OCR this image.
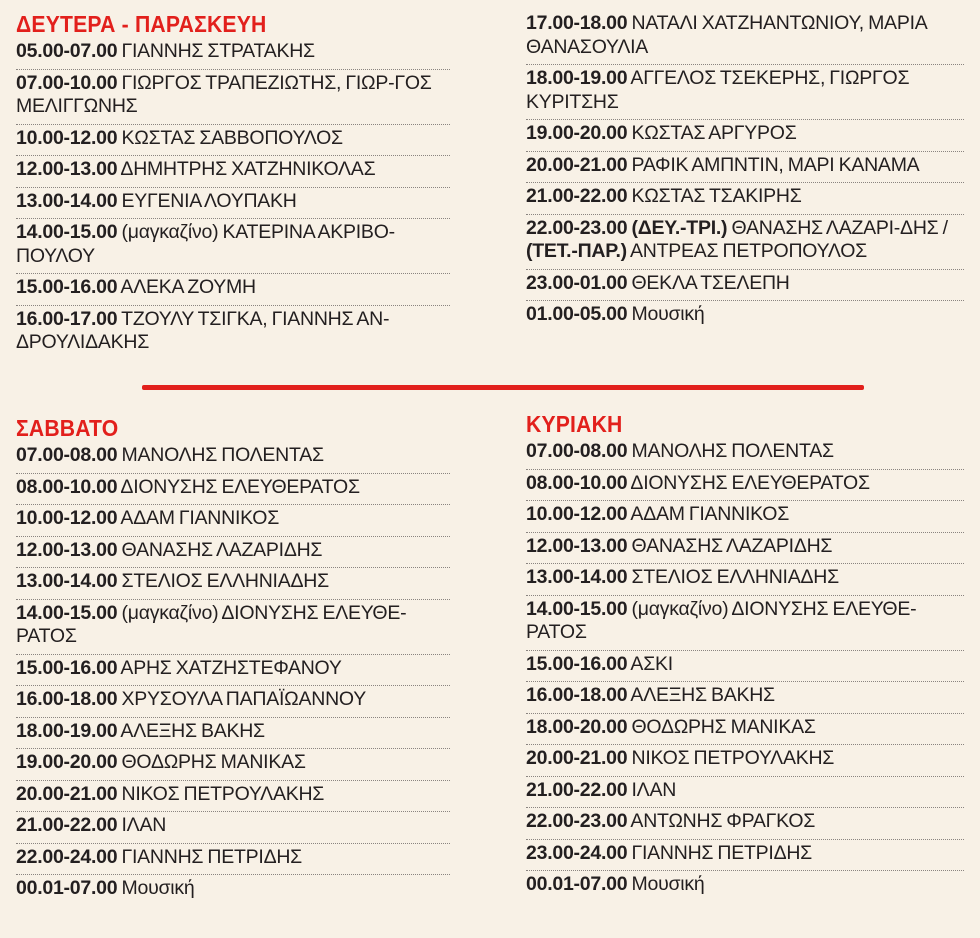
ΔΕΥΤΕΡΑ - ΠΑΡΑΣΚΕΥΗ
05.00-07.00 ΓΙΑΝΝΗΣ ΣΤΡΑΤΑΚΗΣ
07.00-10.00 ΓΙΩΡΓΟΣ ΤΡΑΠΕΖΙΩΤΗΣ, ΓΙΩΡ-ΓΟΣ ΜΕΛΙΓΓΩΝΗΣ
10.00-12.00 ΚΩΣΤΑΣ ΣΑΒΒΟΠΟΥΛΟΣ
12.00-13.00 ΔΗΜΗΤΡΗΣ ΧΑΤΖΗΝΙΚΟΛΑΣ
13.00-14.00 ΕΥΓΕΝΙΑ ΛΟΥΠΑΚΗ
14.00-15.00 (μαγκαζίνο) ΚΑΤΕΡΙΝΑ ΑΚΡΙΒΟ-ΠΟΥΛΟΥ
15.00-16.00 ΑΛΕΚΑ ΖΟΥΜΗ
16.00-17.00 ΤΖΟΥΛΥ ΤΣΙΓΚΑ, ΓΙΑΝΝΗΣ ΑΝ-ΔΡΟΥΛΙΔΑΚΗΣ
17.00-18.00 ΝΑΤΑΛΙ ΧΑΤΖΗΑΝΤΩΝΙΟΥ, ΜΑΡΙΑ ΘΑΝΑΣΟΥΛΙΑ
18.00-19.00 ΑΓΓΕΛΟΣ ΤΣΕΚΕΡΗΣ, ΓΙΩΡΓΟΣ ΚΥΡΙΤΣΗΣ
19.00-20.00 ΚΩΣΤΑΣ ΑΡΓΥΡΟΣ
20.00-21.00 ΡΑΦΙΚ ΑΜΠΝΤΙΝ, ΜΑΡΙ ΚΑΝΑΜΑ
21.00-22.00 ΚΩΣΤΑΣ ΤΣΑΚΙΡΗΣ
22.00-23.00 (ΔΕΥ.-ΤΡΙ.) ΘΑΝΑΣΗΣ ΛΑΖΑΡΙ-ΔΗΣ / (ΤΕΤ.-ΠΑΡ.) ΑΝΤΡΕΑΣ ΠΕΤΡΟΠΟΥΛΟΣ
23.00-01.00 ΘΕΚΛΑ ΤΣΕΛΕΠΗ
01.00-05.00 Μουσική
ΣΑΒΒΑΤΟ
07.00-08.00 ΜΑΝΟΛΗΣ ΠΟΛΕΝΤΑΣ
08.00-10.00 ΔΙΟΝΥΣΗΣ ΕΛΕΥΘΕΡΑΤΟΣ
10.00-12.00 ΑΔΑΜ ΓΙΑΝΝΙΚΟΣ
12.00-13.00 ΘΑΝΑΣΗΣ ΛΑΖΑΡΙΔΗΣ
13.00-14.00 ΣΤΕΛΙΟΣ ΕΛΛΗΝΙΑΔΗΣ
14.00-15.00 (μαγκαζίνο) ΔΙΟΝΥΣΗΣ ΕΛΕΥΘΕ-ΡΑΤΟΣ
15.00-16.00 ΑΡΗΣ ΧΑΤΖΗΣΤΕΦΑΝΟΥ
16.00-18.00 ΧΡΥΣΟΥΛΑ ΠΑΠΑΪΩΑΝΝΟΥ
18.00-19.00 ΑΛΕΞΗΣ ΒΑΚΗΣ
19.00-20.00 ΘΟΔΩΡΗΣ ΜΑΝΙΚΑΣ
20.00-21.00 ΝΙΚΟΣ ΠΕΤΡΟΥΛΑΚΗΣ
21.00-22.00 ΙΛΑΝ
22.00-24.00 ΓΙΑΝΝΗΣ ΠΕΤΡΙΔΗΣ
00.01-07.00 Μουσική
ΚΥΡΙΑΚΗ
07.00-08.00 ΜΑΝΟΛΗΣ ΠΟΛΕΝΤΑΣ
08.00-10.00 ΔΙΟΝΥΣΗΣ ΕΛΕΥΘΕΡΑΤΟΣ
10.00-12.00 ΑΔΑΜ ΓΙΑΝΝΙΚΟΣ
12.00-13.00 ΘΑΝΑΣΗΣ ΛΑΖΑΡΙΔΗΣ
13.00-14.00 ΣΤΕΛΙΟΣ ΕΛΛΗΝΙΑΔΗΣ
14.00-15.00 (μαγκαζίνο) ΔΙΟΝΥΣΗΣ ΕΛΕΥΘΕ-ΡΑΤΟΣ
15.00-16.00 ΑΣΚΙ
16.00-18.00 ΑΛΕΞΗΣ ΒΑΚΗΣ
18.00-20.00 ΘΟΔΩΡΗΣ ΜΑΝΙΚΑΣ
20.00-21.00 ΝΙΚΟΣ ΠΕΤΡΟΥΛΑΚΗΣ
21.00-22.00 ΙΛΑΝ
22.00-23.00 ΑΝΤΩΝΗΣ ΦΡΑΓΚΟΣ
23.00-24.00 ΓΙΑΝΝΗΣ ΠΕΤΡΙΔΗΣ
00.01-07.00 Μουσική
